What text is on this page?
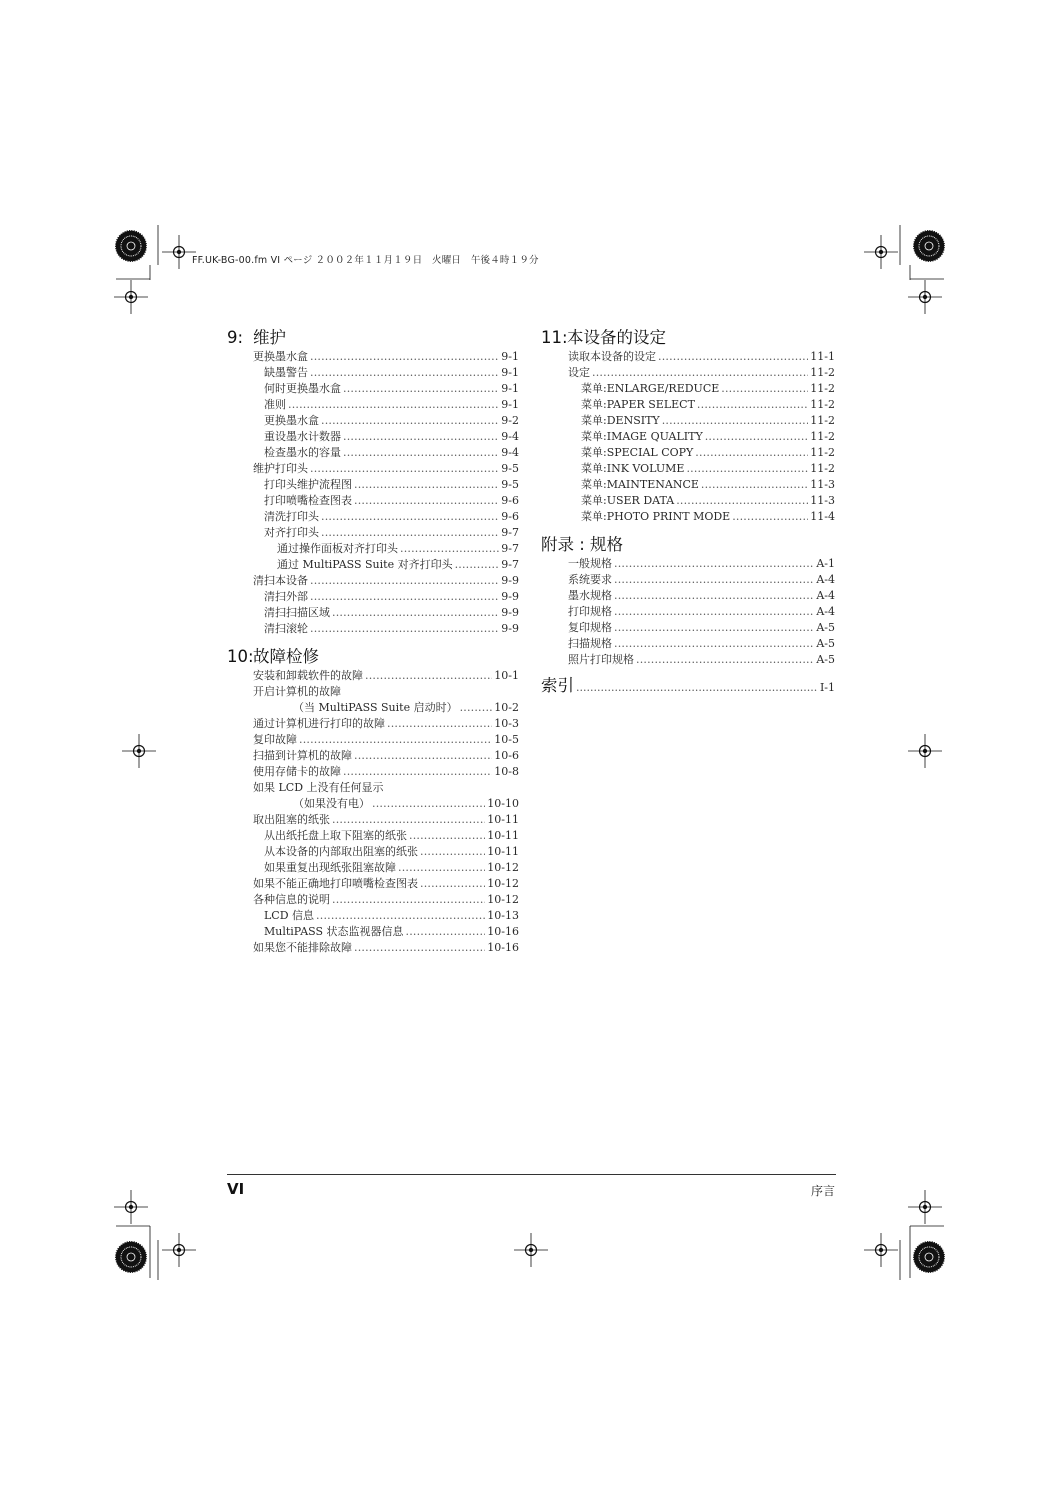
FF.UK-BG-00.fm VI ページ ２００２年１１月１９日　火曜日　午後４時１９分
9: 维护
更换墨水盒 .....	9-1
缺墨警告 .....	9-1
何时更换墨水盒 .....	9-1
准则 .....	9-1
更换墨水盒 .....	9-2
重设墨水计数器 .....	9-4
检查墨水的容量 .....	9-4
维护打印头 .....	9-5
打印头维护流程图 .....	9-5
打印喷嘴检查图表 .....	9-6
清洗打印头 .....	9-6
对齐打印头 .....	9-7
通过操作面板对齐打印头 .....	9-7
通过 MultiPASS Suite 对齐打印头 .....	9-7
清扫本设备 .....	9-9
清扫外部 .....	9-9
清扫扫描区域 .....	9-9
清扫滚轮 .....	9-9
10: 故障检修
安装和卸载软件的故障 .....	10-1
开启计算机的故障
（当 MultiPASS Suite 启动时） .....	10-2
通过计算机进行打印的故障 .....	10-3
复印故障 .....	10-5
扫描到计算机的故障 .....	10-6
使用存储卡的故障 .....	10-8
如果 LCD 上没有任何显示
（如果没有电） .....	10-10
取出阻塞的纸张 .....	10-11
从出纸托盘上取下阻塞的纸张 .....	10-11
从本设备的内部取出阻塞的纸张 .....	10-11
如果重复出现纸张阻塞故障 .....	10-12
如果不能正确地打印喷嘴检查图表 .....	10-12
各种信息的说明 .....	10-12
LCD 信息 .....	10-13
MultiPASS 状态监视器信息 .....	10-16
如果您不能排除故障 .....	10-16
11: 本设备的设定
读取本设备的设定 .....	11-1
设定 .....	11-2
菜单: ENLARGE/REDUCE .....	11-2
菜单: PAPER SELECT .....	11-2
菜单: DENSITY .....	11-2
菜单: IMAGE QUALITY .....	11-2
菜单: SPECIAL COPY .....	11-2
菜单: INK VOLUME .....	11-2
菜单: MAINTENANCE .....	11-3
菜单: USER DATA .....	11-3
菜单: PHOTO PRINT MODE .....	11-4
附录 : 规格
一般规格 .....	A-1
系统要求 .....	A-4
墨水规格 .....	A-4
打印规格 .....	A-4
复印规格 .....	A-5
扫描规格 .....	A-5
照片打印规格 .....	A-5
索引 .....	I-1
VI	序言
